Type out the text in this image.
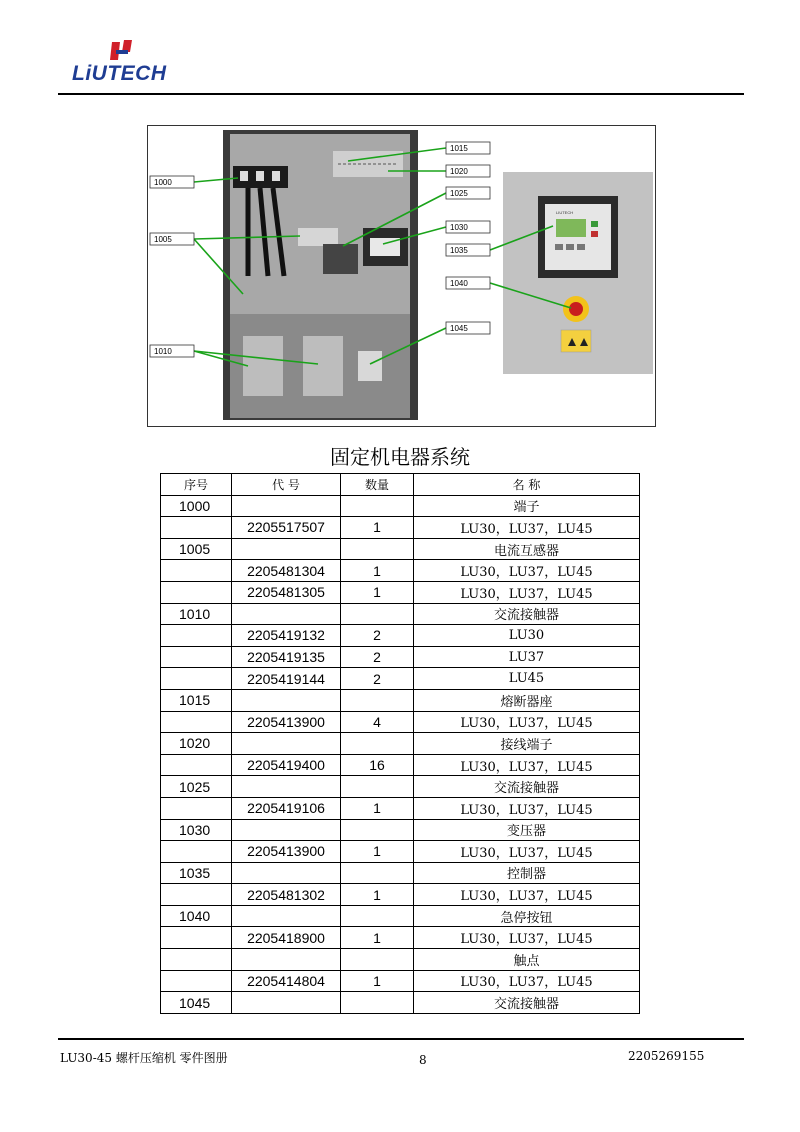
LiUTECH
LIUTECH
1000
1005
1010
1015
1020
1025
1030
1035
1040
1045
固定机电器系统
序号	代 号	数量	名 称
1000			端子
	2205517507	1	LU30，LU37，LU45
1005			电流互感器
	2205481304	1	LU30，LU37，LU45
	2205481305	1	LU30，LU37，LU45
1010			交流接触器
	2205419132	2	LU30
	2205419135	2	LU37
	2205419144	2	LU45
1015			熔断器座
	2205413900	4	LU30，LU37，LU45
1020			接线端子
	2205419400	16	LU30，LU37，LU45
1025			交流接触器
	2205419106	1	LU30，LU37，LU45
1030			变压器
	2205413900	1	LU30，LU37，LU45
1035			控制器
	2205481302	1	LU30，LU37，LU45
1040			急停按钮
	2205418900	1	LU30，LU37，LU45
			触点
	2205414804	1	LU30，LU37，LU45
1045			交流接触器
LU30-45 螺杆压缩机 零件图册	8	2205269155
